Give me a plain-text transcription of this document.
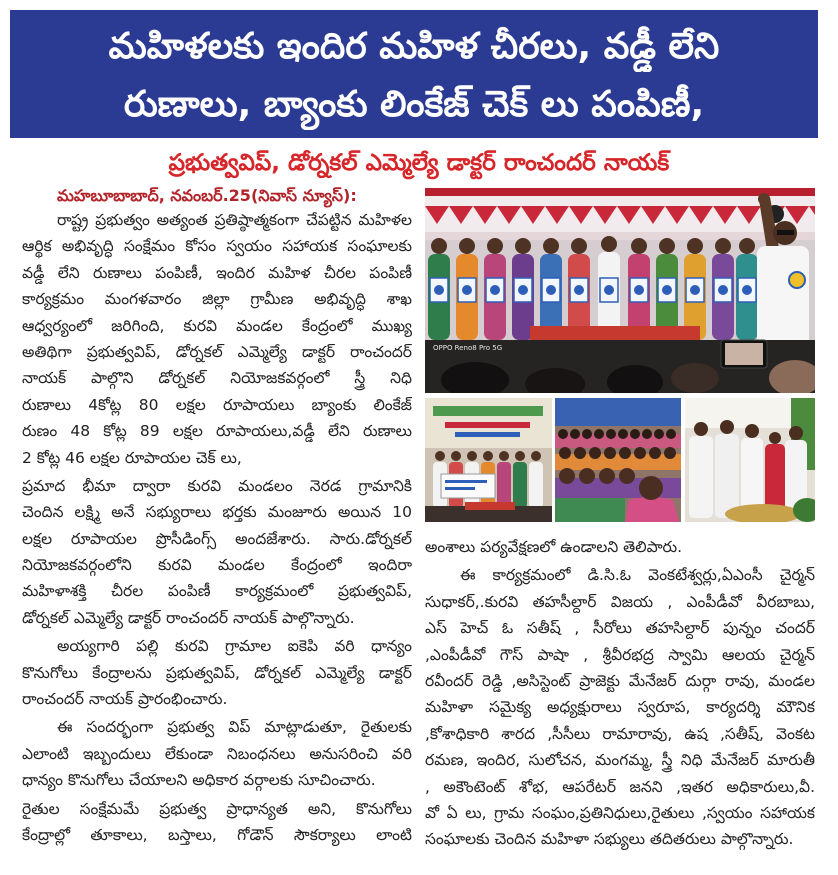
మహిళలకు ఇందిర మహిళ చీరలు, వడ్డీ లేని
రుణాలు, బ్యాంకు లింకేజ్ చెక్ లు పంపిణీ,
ప్రభుత్వవిప్, డోర్నకల్ ఎమ్మెల్యే డాక్టర్ రాంచందర్ నాయక్
మహబూబాబాద్, నవంబర్.25(నివాస్ న్యూస్):
రాష్ట్ర ప్రభుత్వం అత్యంత ప్రతిష్ఠాత్మకంగా చేపట్టిన మహిళల
ఆర్థిక అభివృద్ధి సంక్షేమం కోసం స్వయం సహాయక సంఘాలకు
వడ్డీ లేని రుణాలు పంపిణీ, ఇందిర మహిళ చీరల పంపిణీ
కార్యక్రమం మంగళవారం జిల్లా గ్రామీణ అభివృద్ధి శాఖ
ఆధ్వర్యంలో జరిగింది, కురవి మండల కేంద్రంలో ముఖ్య
అతిథిగా ప్రభుత్వవిప్, డోర్నకల్ ఎమ్మెల్యే డాక్టర్ రాంచందర్
నాయక్ పాల్గొని డోర్నకల్ నియోజకవర్గంలో స్త్రీ నిధి
రుణాలు 4కోట్ల 80 లక్షల రూపాయలు బ్యాంకు లింకేజ్
రుణం 48 కోట్ల 89 లక్షల రూపాయలు,వడ్డీ లేని రుణాలు
2 కోట్ల 46 లక్షల రూపాయల చెక్ లు,
ప్రమాద భీమా ద్వారా కురవి మండలం నెరడ గ్రామానికి
చెందిన లక్ష్మి అనే సభ్యురాలు భర్తకు మంజూరు అయిన 10
లక్షల రూపాయల ప్రొసీడింగ్స్ అందజేశారు. సారు.డోర్నకల్
నియోజకవర్గంలోని కురవి మండల కేంద్రంలో ఇందిరా
మహిళాశక్తి చీరల పంపిణీ కార్యక్రమంలో ప్రభుత్వవిప్,
డోర్నకల్ ఎమ్మెల్యే డాక్టర్ రాంచందర్ నాయక్ పాల్గొన్నారు.
అయ్యగారి పల్లి కురవి గ్రామాల ఐకెపి వరి ధాన్యం
కొనుగోలు కేంద్రాలను ప్రభుత్వవిప్, డోర్నకల్ ఎమ్మెల్యే డాక్టర్
రాంచందర్ నాయక్ ప్రారంభించారు.
ఈ సందర్భంగా ప్రభుత్వ విప్ మాట్లాడుతూ, రైతులకు
ఎలాంటి ఇబ్బందులు లేకుండా నిబంధనలు అనుసరించి వరి
ధాన్యం కొనుగోలు చేయాలని అధికార వర్గాలకు సూచించారు.
రైతుల సంక్షేమమే ప్రభుత్వ ప్రాధాన్యత అని, కొనుగోలు
కేంద్రాల్లో తూకాలు, బస్తాలు, గోడౌన్ సౌకర్యాలు లాంటి
OPPO Reno8 Pro 5G
అంశాలు పర్యవేక్షణలో ఉండాలని తెలిపారు.
ఈ కార్యక్రమంలో డి.సి.ఓ వెంకటేశ్వర్లు,ఏఎంసీ చైర్మన్
సుధాకర్,.కురవి తహసీల్దార్ విజయ , ఎంపీడీవో వీరబాబు,
ఎస్ హెచ్ ఓ సతీష్ , సీరోలు తహసిల్దార్ పున్నం చందర్
,ఎంపీడీవో గౌస్ పాషా , శ్రీవీరభద్ర స్వామి ఆలయ చైర్మన్
రవీందర్ రెడ్డి ,అసిస్టెంట్ ప్రాజెక్టు మేనేజర్ దుర్గా రావు, మండల
మహిళా సమైక్య అధ్యక్షురాలు స్వరూప, కార్యదర్శి మౌనిక
,కోశాధికారి శారద ,సీసీలు రామారావు, ఉష ,సతీష్, వెంకట
రమణ, ఇందిర, సులోచన, మంగమ్మ, స్త్రీ నిధి మేనేజర్ మారుతీ
, అకౌంటెంట్ శోభ, ఆపరేటర్ జనని ,ఇతర అధికారులు,వీ.
వో ఏ లు, గ్రామ సంఘం,ప్రతినిధులు,రైతులు ,స్వయం సహాయక
సంఘాలకు చెందిన మహిళా సభ్యులు తదితరులు పాల్గొన్నారు.
